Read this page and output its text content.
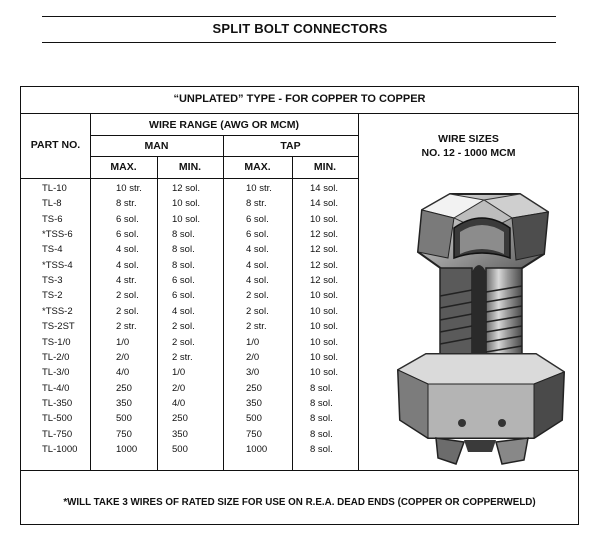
SPLIT BOLT CONNECTORS
“UNPLATED” TYPE - FOR COPPER TO COPPER
PART NO.
WIRE RANGE (AWG OR MCM)
MAN	TAP
MAX.	MIN.	MAX.	MIN.
WIRE SIZES
NO. 12 - 1000 MCM
TL-10	10 str.	12 sol.	10 str.	14 sol.
TL-8	8 str.	10 sol.	8 str.	14 sol.
TS-6	6 sol.	10 sol.	6 sol.	10 sol.
*TSS-6	6 sol.	8 sol.	6 sol.	12 sol.
TS-4	4 sol.	8 sol.	4 sol.	12 sol.
*TSS-4	4 sol.	8 sol.	4 sol.	12 sol.
TS-3	4 str.	6 sol.	4 sol.	12 sol.
TS-2	2 sol.	6 sol.	2 sol.	10 sol.
*TSS-2	2 sol.	4 sol.	2 sol.	10 sol.
TS-2ST	2 str.	2 sol.	2 str.	10 sol.
TS-1/0	1/0	2 sol.	1/0	10 sol.
TL-2/0	2/0	2 str.	2/0	10 sol.
TL-3/0	4/0	1/0	3/0	10 sol.
TL-4/0	250	2/0	250	8 sol.
TL-350	350	4/0	350	8 sol.
TL-500	500	250	500	8 sol.
TL-750	750	350	750	8 sol.
TL-1000	1000	500	1000	8 sol.
*WILL TAKE 3 WIRES OF RATED SIZE FOR USE ON R.E.A. DEAD ENDS (COPPER OR COPPERWELD)
